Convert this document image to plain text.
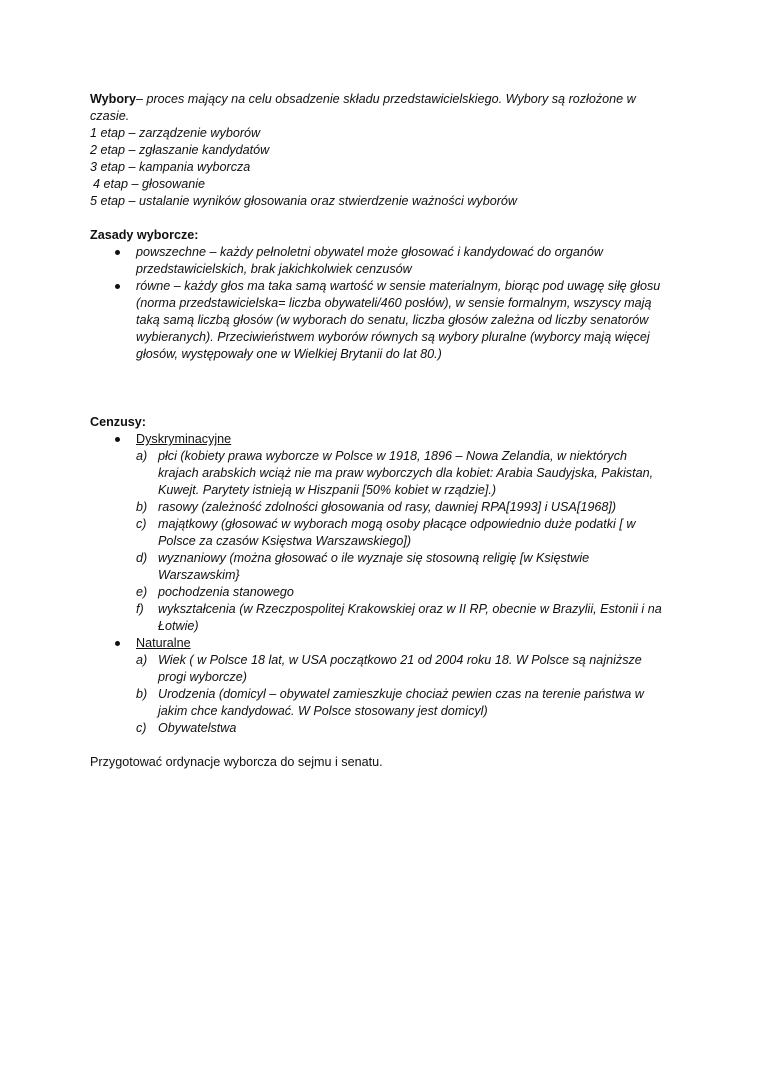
Wybory– proces mający na celu obsadzenie składu przedstawicielskiego. Wybory są rozłożone w czasie.

1 etap – zarządzenie wyborów

2 etap – zgłaszanie kandydatów

3 etap – kampania wyborcza

4 etap – głosowanie

5 etap – ustalanie wyników głosowania oraz stwierdzenie ważności wyborów

Zasady wyborcze:

powszechne – każdy pełnoletni obywatel może głosować i kandydować do organów przedstawicielskich, brak jakichkolwiek cenzusów
równe – każdy głos ma taka samą wartość w sensie materialnym, biorąc pod uwagę siłę głosu (norma przedstawicielska= liczba obywateli/460 posłów), w sensie formalnym, wszyscy mają taką samą liczbą głosów (w wyborach do senatu, liczba głosów zależna od liczby senatorów wybieranych). Przeciwieństwem wyborów równych są wybory pluralne (wyborcy mają więcej głosów, występowały one w Wielkiej Brytanii do lat 80.)

Cenzusy:

Dyskryminacyjne
a) płci (kobiety prawa wyborcze w Polsce w 1918, 1896 – Nowa Zelandia, w niektórych krajach arabskich wciąż nie ma praw wyborczych dla kobiet: Arabia Saudyjska, Pakistan, Kuwejt. Parytety istnieją w Hiszpanii [50% kobiet w rządzie].)
b) rasowy (zależność zdolności głosowania od rasy, dawniej RPA[1993] i USA[1968])
c) majątkowy (głosować w wyborach mogą osoby płacące odpowiednio duże podatki [ w Polsce za czasów Księstwa Warszawskiego])
d) wyznaniowy (można głosować o ile wyznaje się stosowną religię [w Księstwie Warszawskim}
e) pochodzenia stanowego
f) wykształcenia (w Rzeczpospolitej Krakowskiej oraz w II RP, obecnie w Brazylii, Estonii i na Łotwie)
Naturalne
a) Wiek ( w Polsce 18 lat, w USA początkowo 21 od 2004 roku 18. W Polsce są najniższe progi wyborcze)
b) Urodzenia (domicyl – obywatel zamieszkuje chociaż pewien czas na terenie państwa w jakim chce kandydować. W Polsce stosowany jest domicyl)
c) Obywatelstwa

Przygotować ordynacje wyborcza do sejmu i senatu.
